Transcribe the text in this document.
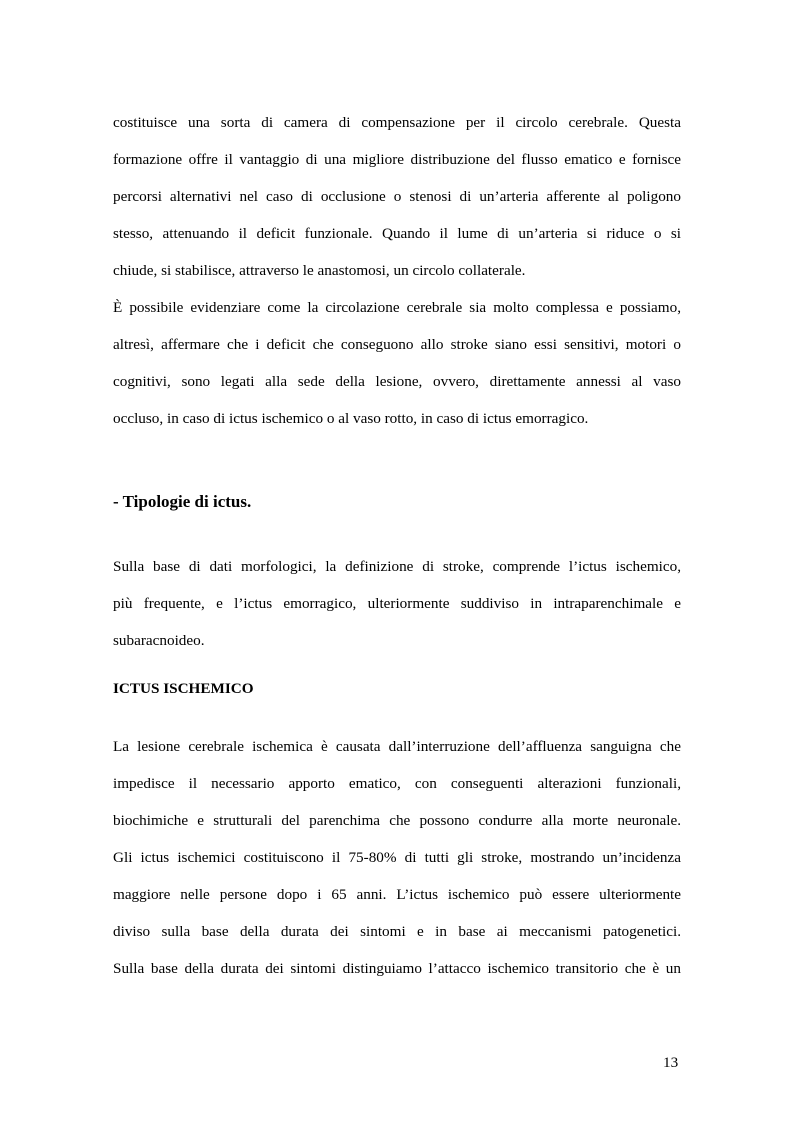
costituisce una sorta di camera di compensazione per il circolo cerebrale. Questa
formazione offre il vantaggio di una migliore distribuzione del flusso ematico e fornisce
percorsi alternativi nel caso di occlusione o stenosi di un’arteria afferente al poligono
stesso, attenuando il deficit funzionale. Quando il lume di un’arteria si riduce o si
chiude, si stabilisce, attraverso le anastomosi, un circolo collaterale.
È possibile evidenziare come la circolazione cerebrale sia molto complessa e possiamo,
altresì, affermare che i deficit che conseguono allo stroke siano essi sensitivi, motori o
cognitivi, sono legati alla sede della lesione, ovvero, direttamente annessi al vaso
occluso, in caso di ictus ischemico o al vaso rotto, in caso di ictus emorragico.
- Tipologie di ictus.
Sulla base di dati morfologici, la definizione di stroke, comprende l’ictus ischemico,
più frequente, e l’ictus emorragico, ulteriormente suddiviso in intraparenchimale e
subaracnoideo.
ICTUS ISCHEMICO
La lesione cerebrale ischemica è causata dall’interruzione dell’affluenza sanguigna che
impedisce il necessario apporto ematico, con conseguenti alterazioni funzionali,
biochimiche e strutturali del parenchima che possono condurre alla morte neuronale.
Gli ictus ischemici costituiscono il 75-80% di tutti gli stroke, mostrando un’incidenza
maggiore nelle persone dopo i 65 anni. L’ictus ischemico può essere ulteriormente
diviso sulla base della durata dei sintomi e in base ai meccanismi patogenetici.
Sulla base della durata dei sintomi distinguiamo l’attacco ischemico transitorio che è un
13
